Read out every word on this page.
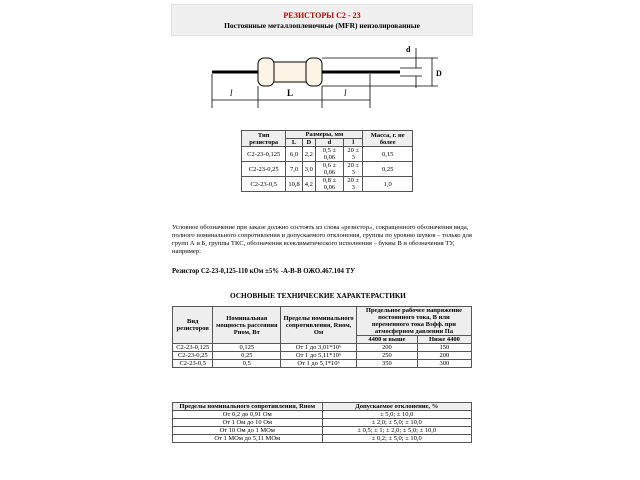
РЕЗИСТОРЫ С2 - 23
Постоянные металлопленочные (MFR) неизолированные
l	L	l
d
D
Тип резистора	Размеры, мм				Масса, г. не более
	L	D	d	l	
С2-23-0,125	6,0	2,2	0,5 ± 0,06	20 ± 3	0,15
С2-23-0,25	7,0	3,0	0,6 ± 0,06	20 ± 3	0,25
С2-23-0,5	10,8	4,2	0,8 ± 0,06	20 ± 3	1,0
Условное обозначение при заказе должно состоять из слова «резистор», сокращенного обозначения вида, полного номинального сопротивления и допускаемого отклонения, группы по уровню шумов – только для групп А и Б, группы ТКС, обозначения всеклиматического исполнения – буквы В и обозначения ТУ, например:
Резистор С2-23-0,125-110 кОм ±5% -А-В-В ОЖО.467.104 ТУ
ОСНОВНЫЕ ТЕХНИЧЕСКИЕ ХАРАКТЕРАСТИКИ
Вид резисторов	Номинальная мощность рассеяния Pном, Вт	Пределы номинального сопротивления, Rном, Ом	Предельное рабочее напряжение постоянного тока, В или переменного тока Вэфф. при атмосферном давлении Па	
			4400 и выше	Ниже 4400
С2-23-0,125	0,125	От 1 до 3,01*10⁶	200	150
С2-23-0,25	0,25	От 1 до 5,11*10⁶	250	200
С2-23-0,5	0,5	От 1 до 5,1*10⁶	350	300
Пределы номинального сопротивления, Rном	Допускаемое отклонение, %
От 0,2 до 0,91 Ом	± 5,0; ± 10,0
От 1 Ом до 10 Ом	± 2,0; ± 5,0; ± 10,0
От 10 Ом до 1 МОм	± 0,5; ± 1; ± 2,0; ± 5,0; ± 10,0
От 1 МОм до 5,11 МОм	± 0,2; ± 5,0; ± 10,0
